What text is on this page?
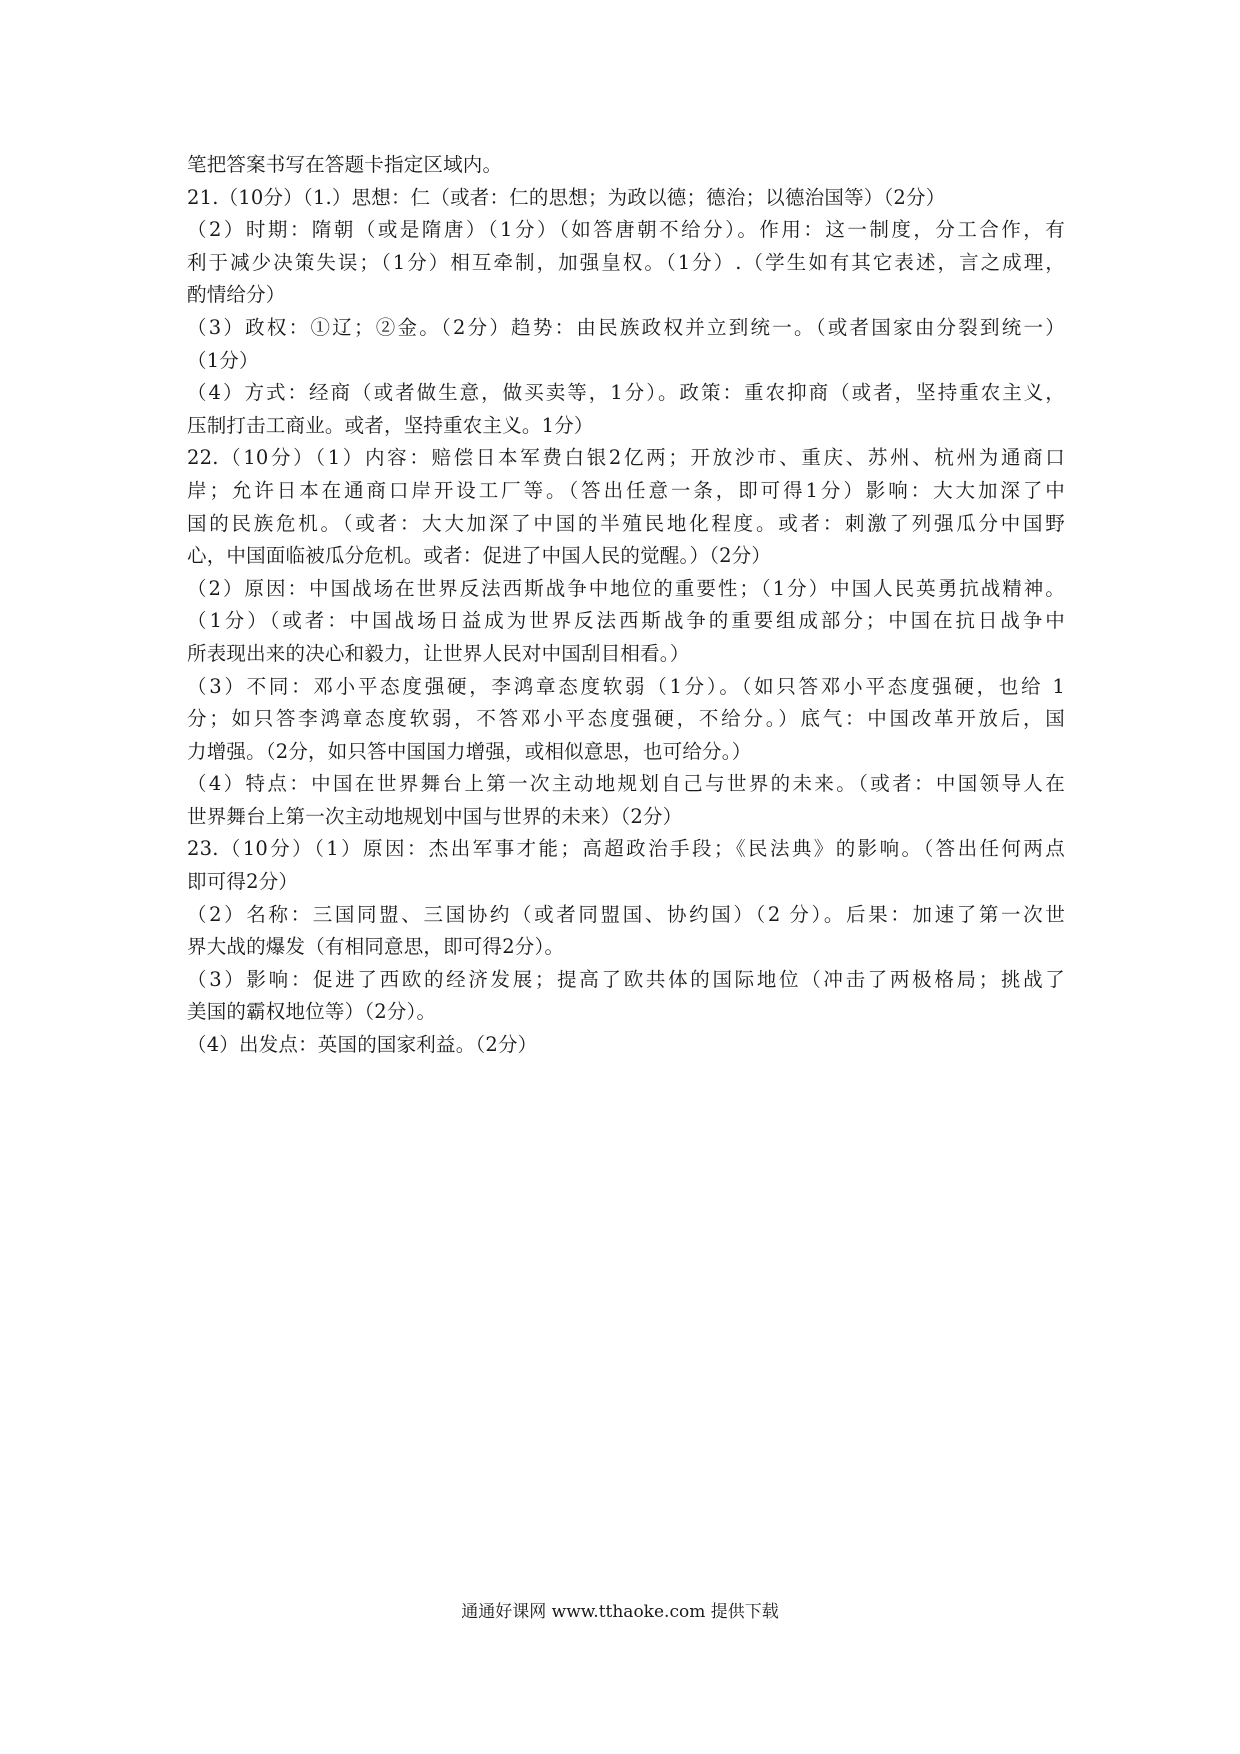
笔把答案书写在答题卡指定区域内。
21.（10分）（1.）思想：仁（或者：仁的思想；为政以德；德治；以德治国等）（2分）
（2）时期：隋朝（或是隋唐）（1分）（如答唐朝不给分）。作用：这一制度，分工合作，有
利于减少决策失误；（1分）相互牵制，加强皇权。（1分）.（学生如有其它表述，言之成理，
酌情给分）
（3）政权：①辽；②金。（2分）趋势：由民族政权并立到统一。（或者国家由分裂到统一）
（1分）
（4）方式：经商（或者做生意，做买卖等，1分）。政策：重农抑商（或者，坚持重农主义，
压制打击工商业。或者，坚持重农主义。1分）
22.（10分）（1）内容：赔偿日本军费白银2亿两；开放沙市、重庆、苏州、杭州为通商口
岸；允许日本在通商口岸开设工厂等。（答出任意一条，即可得1分）影响：大大加深了中
国的民族危机。（或者：大大加深了中国的半殖民地化程度。或者：刺激了列强瓜分中国野
心，中国面临被瓜分危机。或者：促进了中国人民的觉醒。）（2分）
（2）原因：中国战场在世界反法西斯战争中地位的重要性；（1分）中国人民英勇抗战精神。
（1分）（或者：中国战场日益成为世界反法西斯战争的重要组成部分；中国在抗日战争中
所表现出来的决心和毅力，让世界人民对中国刮目相看。）
（3）不同：邓小平态度强硬，李鸿章态度软弱（1分）。（如只答邓小平态度强硬，也给 1
分；如只答李鸿章态度软弱，不答邓小平态度强硬，不给分。）底气：中国改革开放后，国
力增强。（2分，如只答中国国力增强，或相似意思，也可给分。）
（4）特点：中国在世界舞台上第一次主动地规划自己与世界的未来。（或者：中国领导人在
世界舞台上第一次主动地规划中国与世界的未来）（2分）
23.（10分）（1）原因：杰出军事才能；高超政治手段；《民法典》的影响。（答出任何两点
即可得2分）
（2）名称：三国同盟、三国协约（或者同盟国、协约国）（2 分）。后果：加速了第一次世
界大战的爆发（有相同意思，即可得2分）。
（3）影响：促进了西欧的经济发展；提高了欧共体的国际地位（冲击了两极格局；挑战了
美国的霸权地位等）（2分）。
（4）出发点：英国的国家利益。（2分）
通通好课网 www.tthaoke.com 提供下载
